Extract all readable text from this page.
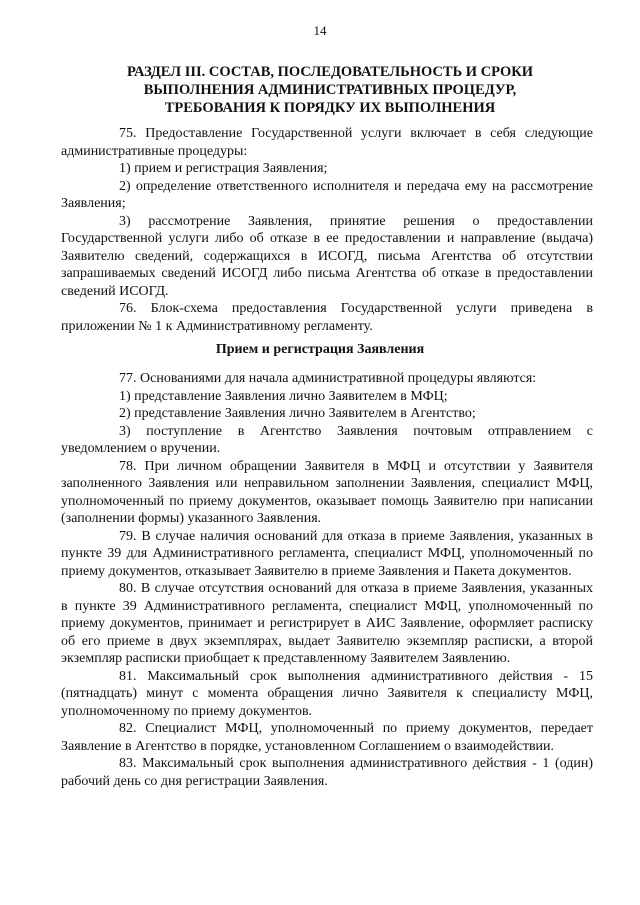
14
РАЗДЕЛ III. СОСТАВ, ПОСЛЕДОВАТЕЛЬНОСТЬ И СРОКИ
ВЫПОЛНЕНИЯ АДМИНИСТРАТИВНЫХ ПРОЦЕДУР,
ТРЕБОВАНИЯ К ПОРЯДКУ ИХ ВЫПОЛНЕНИЯ

75. Предоставление Государственной услуги включает в себя следующие административные процедуры:

1) прием и регистрация Заявления;

2) определение ответственного исполнителя и передача ему на рассмотрение Заявления;

3) рассмотрение Заявления, принятие решения о предоставлении Государственной услуги либо об отказе в ее предоставлении и направление (выдача) Заявителю сведений, содержащихся в ИСОГД, письма Агентства об отсутствии запрашиваемых сведений ИСОГД либо письма Агентства об отказе в предоставлении сведений ИСОГД.

76. Блок-схема предоставления Государственной услуги приведена в приложении № 1 к Административному регламенту.

Прием и регистрация Заявления

77. Основаниями для начала административной процедуры являются:

1) представление Заявления лично Заявителем в МФЦ;

2) представление Заявления лично Заявителем в Агентство;

3) поступление в Агентство Заявления почтовым отправлением с уведомлением о вручении.

78. При личном обращении Заявителя в МФЦ и отсутствии у Заявителя заполненного Заявления или неправильном заполнении Заявления, специалист МФЦ, уполномоченный по приему документов, оказывает помощь Заявителю при написании (заполнении формы) указанного Заявления.

79. В случае наличия оснований для отказа в приеме Заявления, указанных в пункте 39 для Административного регламента, специалист МФЦ, уполномоченный по приему документов, отказывает Заявителю в приеме Заявления и Пакета документов.

80. В случае отсутствия оснований для отказа в приеме Заявления, указанных в пункте 39 Административного регламента, специалист МФЦ, уполномоченный по приему документов, принимает и регистрирует в АИС Заявление, оформляет расписку об его приеме в двух экземплярах, выдает Заявителю экземпляр расписки, а второй экземпляр расписки приобщает к представленному Заявителем Заявлению.

81. Максимальный срок выполнения административного действия - 15 (пятнадцать) минут с момента обращения лично Заявителя к специалисту МФЦ, уполномоченному по приему документов.

82. Специалист МФЦ, уполномоченный по приему документов, передает Заявление в Агентство в порядке, установленном Соглашением о взаимодействии.

83. Максимальный срок выполнения административного действия - 1 (один) рабочий день со дня регистрации Заявления.
